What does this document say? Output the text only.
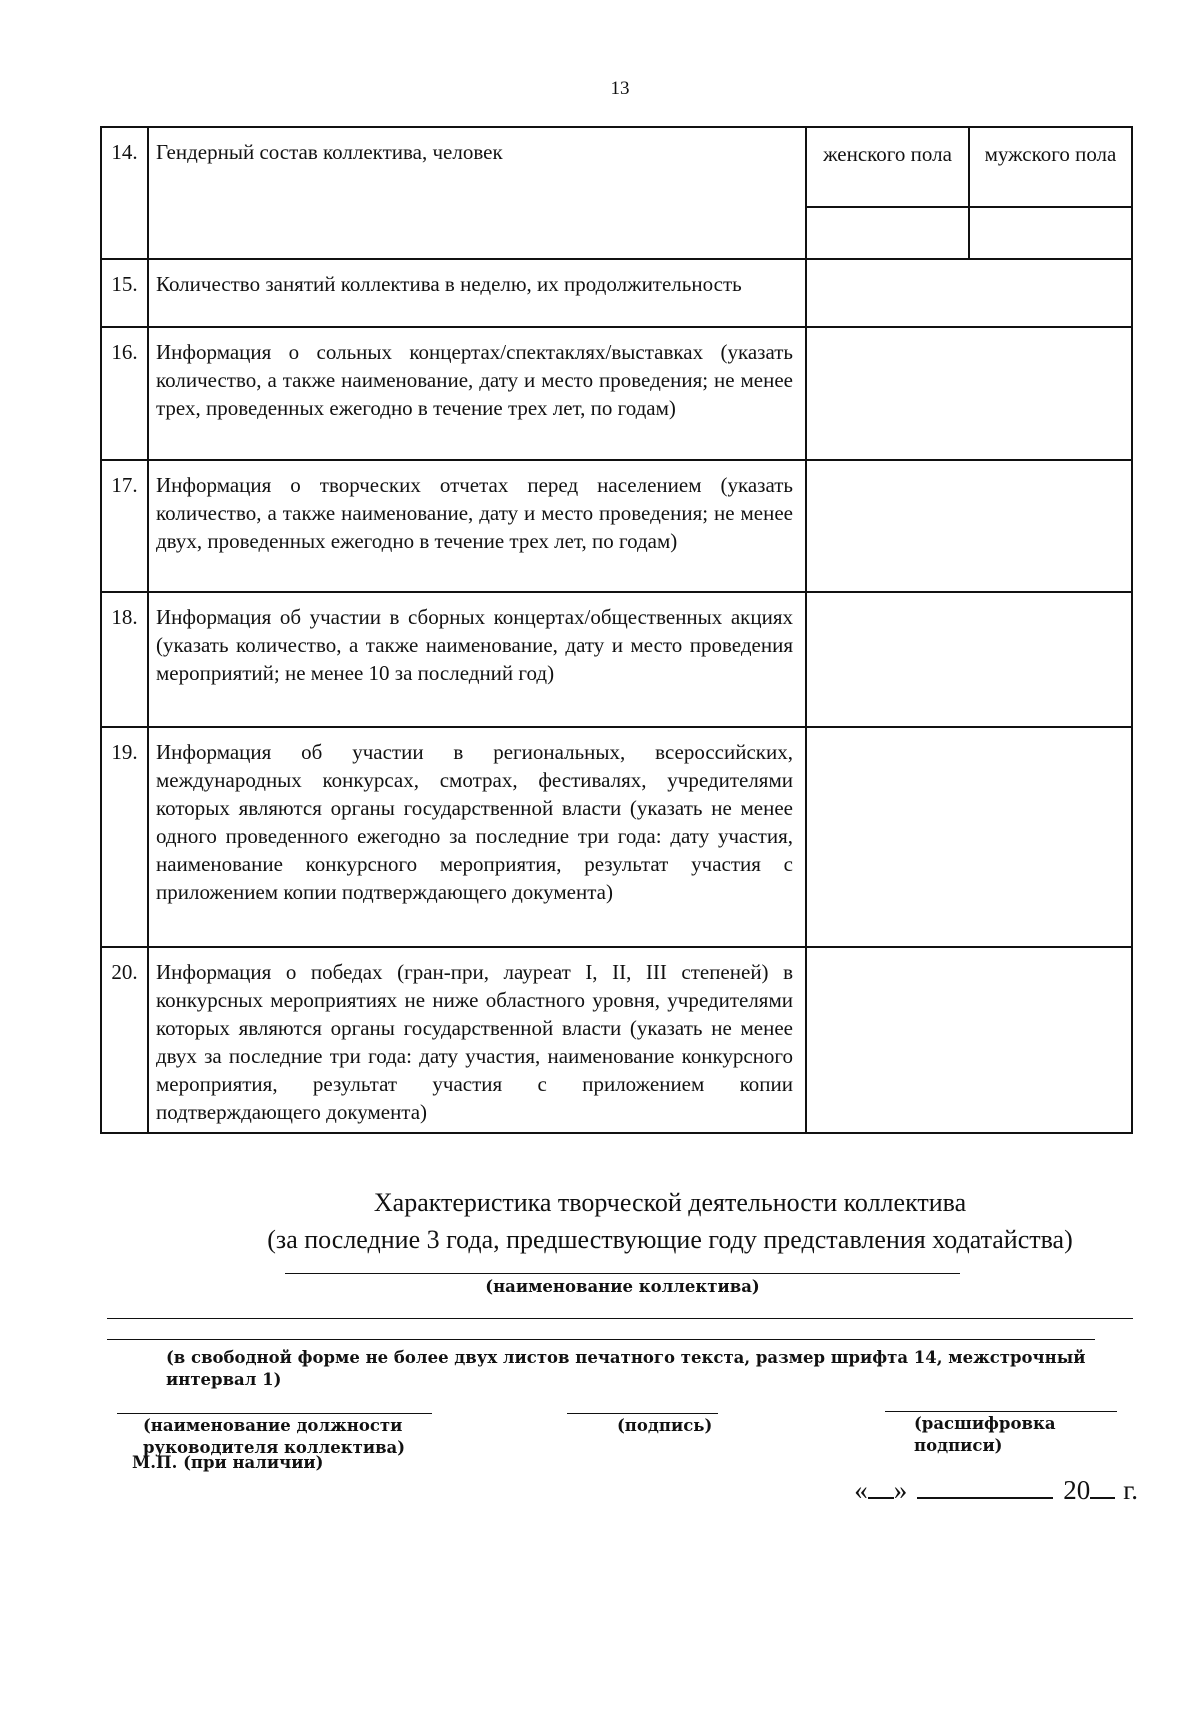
13
14.	Гендерный состав коллектива, человек	женского пола мужского пола

15.	Количество занятий коллектива в неделю, их продолжительность	
16.	Информация о сольных концертах/спектаклях/выставках (указать количество, а также наименование, дату и место проведения; не менее трех, проведенных ежегодно в течение трех лет, по годам)	
17.	Информация о творческих отчетах перед населением (указать количество, а также наименование, дату и место проведения; не менее двух, проведенных ежегодно в течение трех лет, по годам)	
18.	Информация об участии в сборных концертах/общественных акциях (указать количество, а также наименование, дату и место проведения мероприятий; не менее 10 за последний год)	
19.	Информация об участии в региональных, всероссийских, международных конкурсах, смотрах, фестивалях, учредителями которых являются органы государственной власти (указать не менее одного проведенного ежегодно за последние три года: дату участия, наименование конкурсного мероприятия, результат участия с приложением копии подтверждающего документа)	
20.	Информация о победах (гран-при, лауреат I, II, III степеней) в конкурсных мероприятиях не ниже областного уровня, учредителями которых являются органы государственной власти (указать не менее двух за последние три года: дату участия, наименование конкурсного мероприятия, результат участия с приложением копии подтверждающего документа)	
Характеристика творческой деятельности коллектива
(за последние 3 года, предшествующие году представления ходатайства)
(наименование коллектива)
(в свободной форме не более двух листов печатного текста, размер шрифта 14, межстрочный интервал 1)
(наименование должности
руководителя коллектива)
(подпись)	(расшифровка подписи)
М.П. (при наличии)
« »	20 г.
